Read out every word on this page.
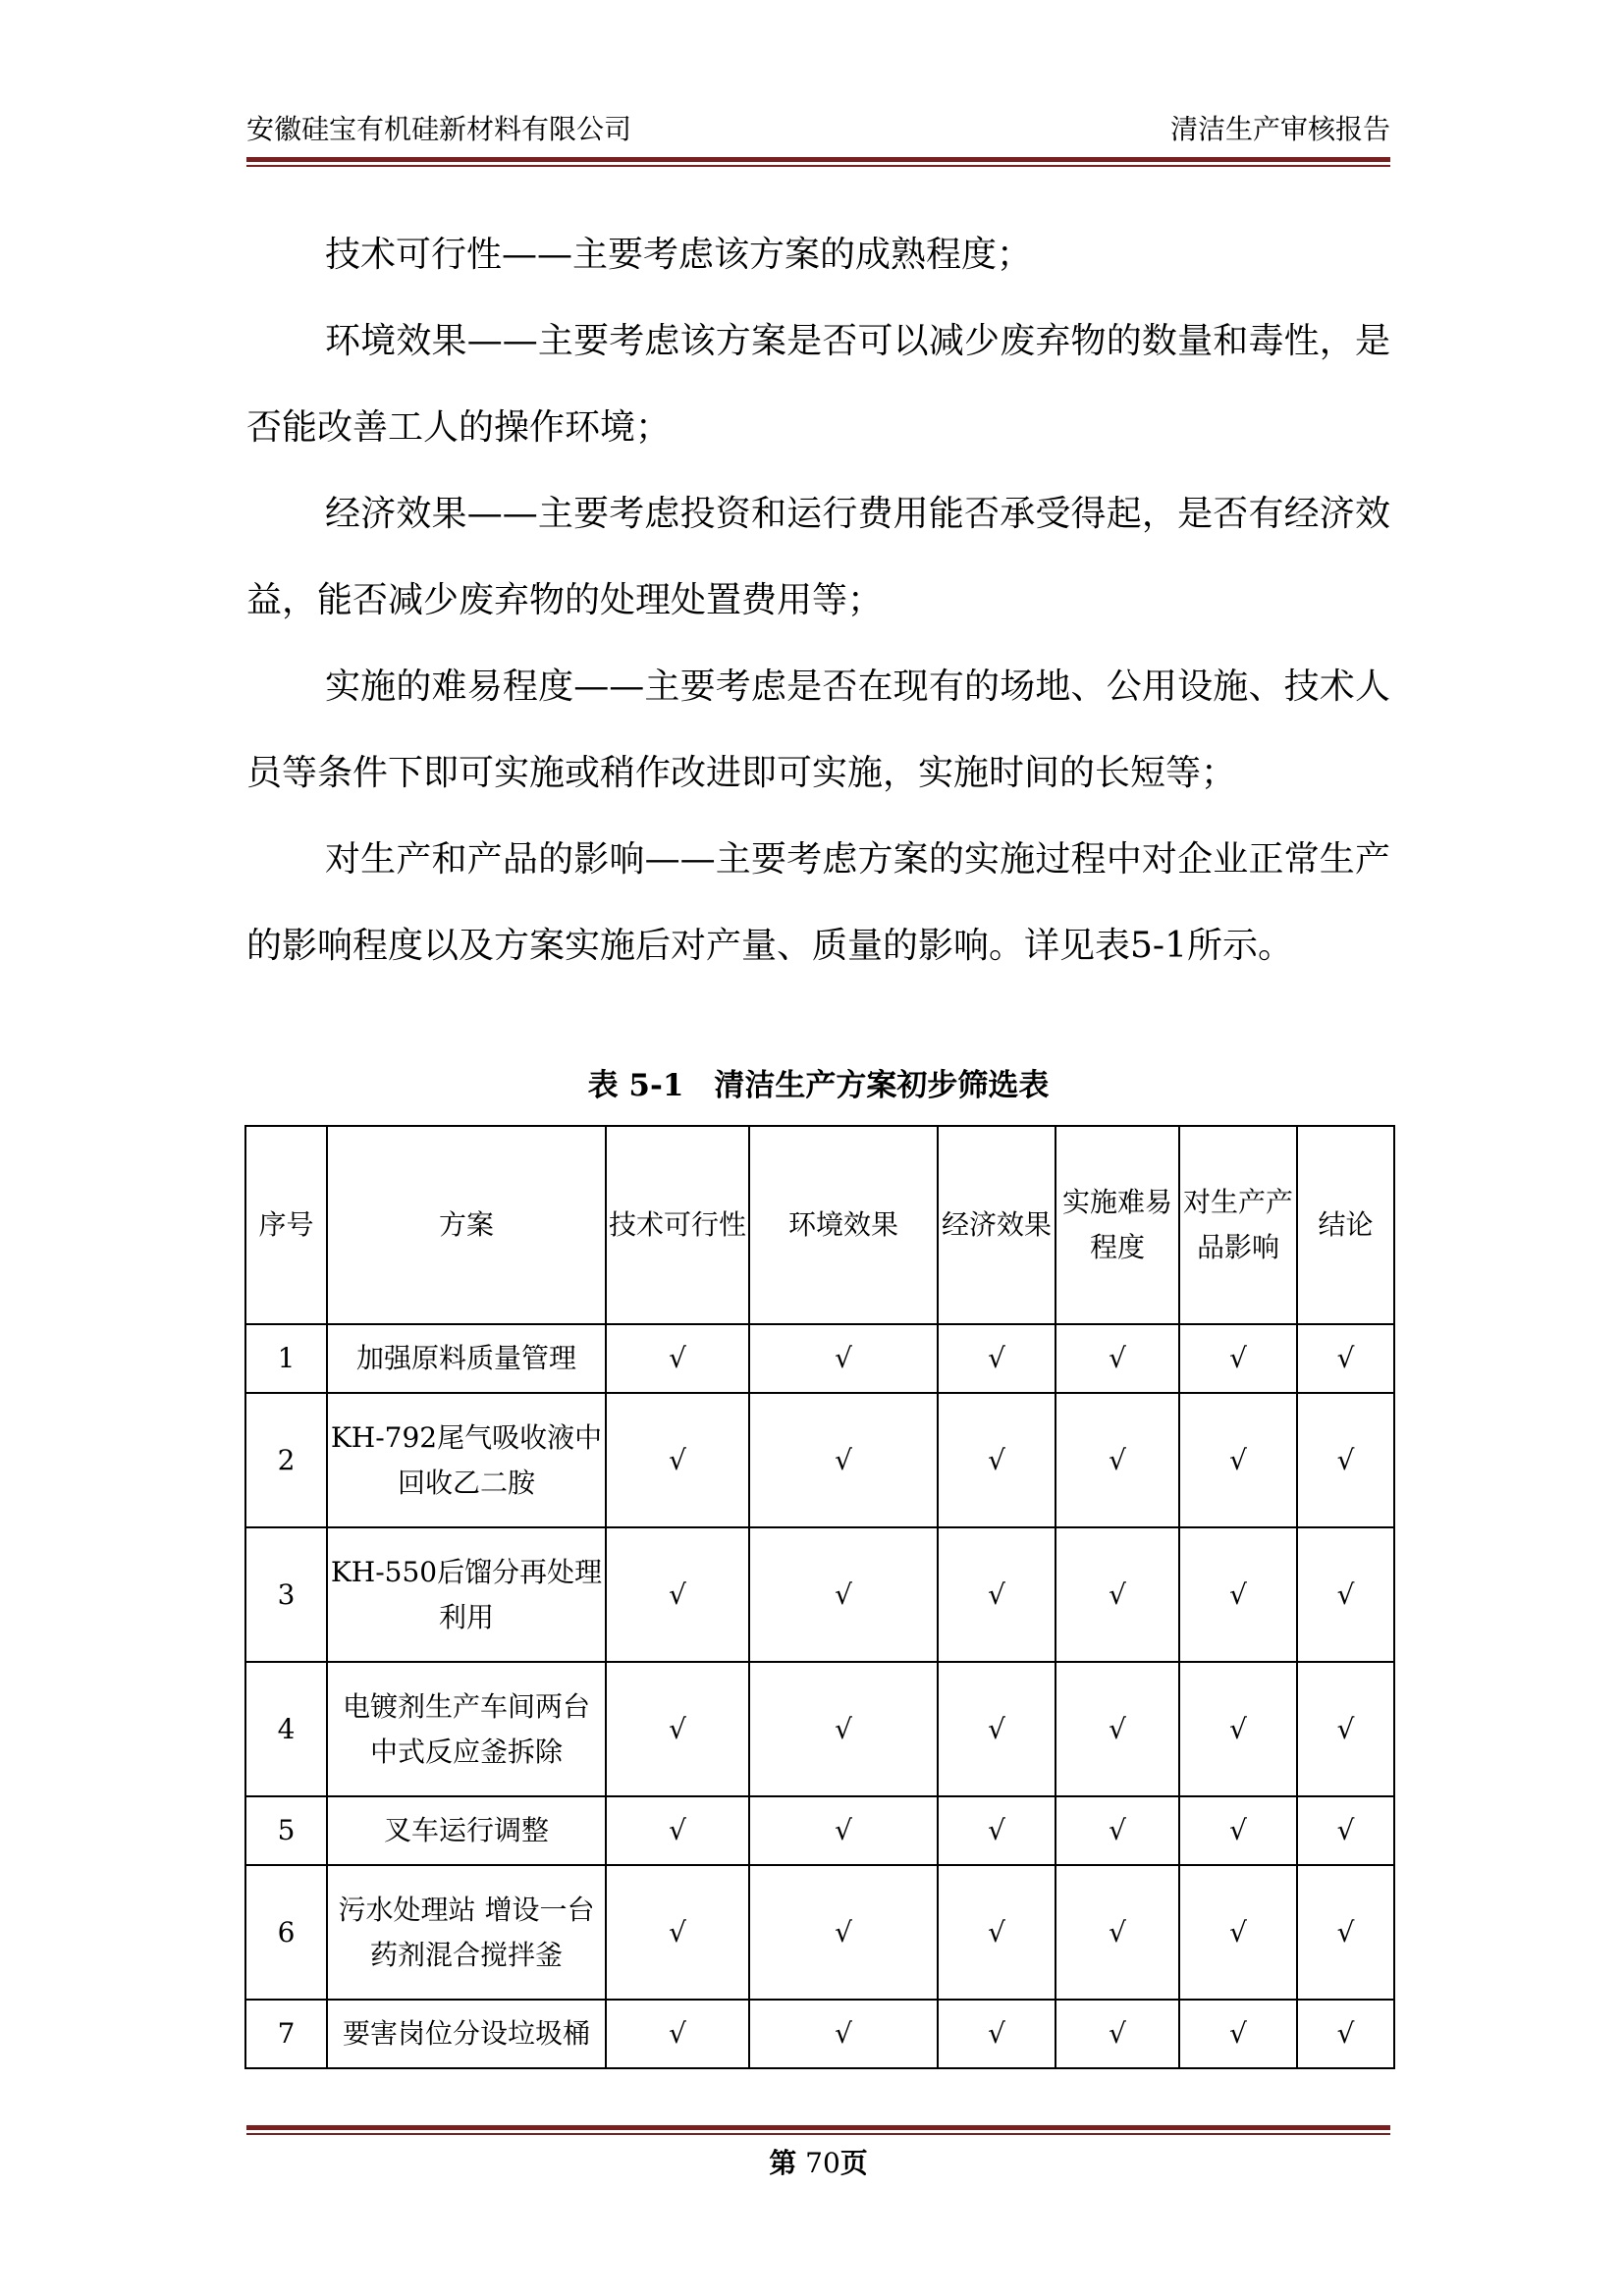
安徽硅宝有机硅新材料有限公司	清洁生产审核报告

技术可行性——主要考虑该方案的成熟程度；

环境效果——主要考虑该方案是否可以减少废弃物的数量和毒性，是否能改善工人的操作环境；

经济效果——主要考虑投资和运行费用能否承受得起，是否有经济效益，能否减少废弃物的处理处置费用等；

实施的难易程度——主要考虑是否在现有的场地、公用设施、技术人员等条件下即可实施或稍作改进即可实施，实施时间的长短等；

对生产和产品的影响——主要考虑方案的实施过程中对企业正常生产的影响程度以及方案实施后对产量、质量的影响。详见表5-1所示。

表 5-1　清洁生产方案初步筛选表
序号	方案	技术可行性	环境效果	经济效果	实施难易程度	对生产产品影响	结论
1	加强原料质量管理	√	√	√	√	√	√
2	KH-792尾气吸收液中回收乙二胺	√	√	√	√	√	√
3	KH-550后馏分再处理利用	√	√	√	√	√	√
4	电镀剂生产车间两台中式反应釜拆除	√	√	√	√	√	√
5	叉车运行调整	√	√	√	√	√	√
6	污水处理站 增设一台药剂混合搅拌釜	√	√	√	√	√	√
7	要害岗位分设垃圾桶	√	√	√	√	√	√
第 70页
